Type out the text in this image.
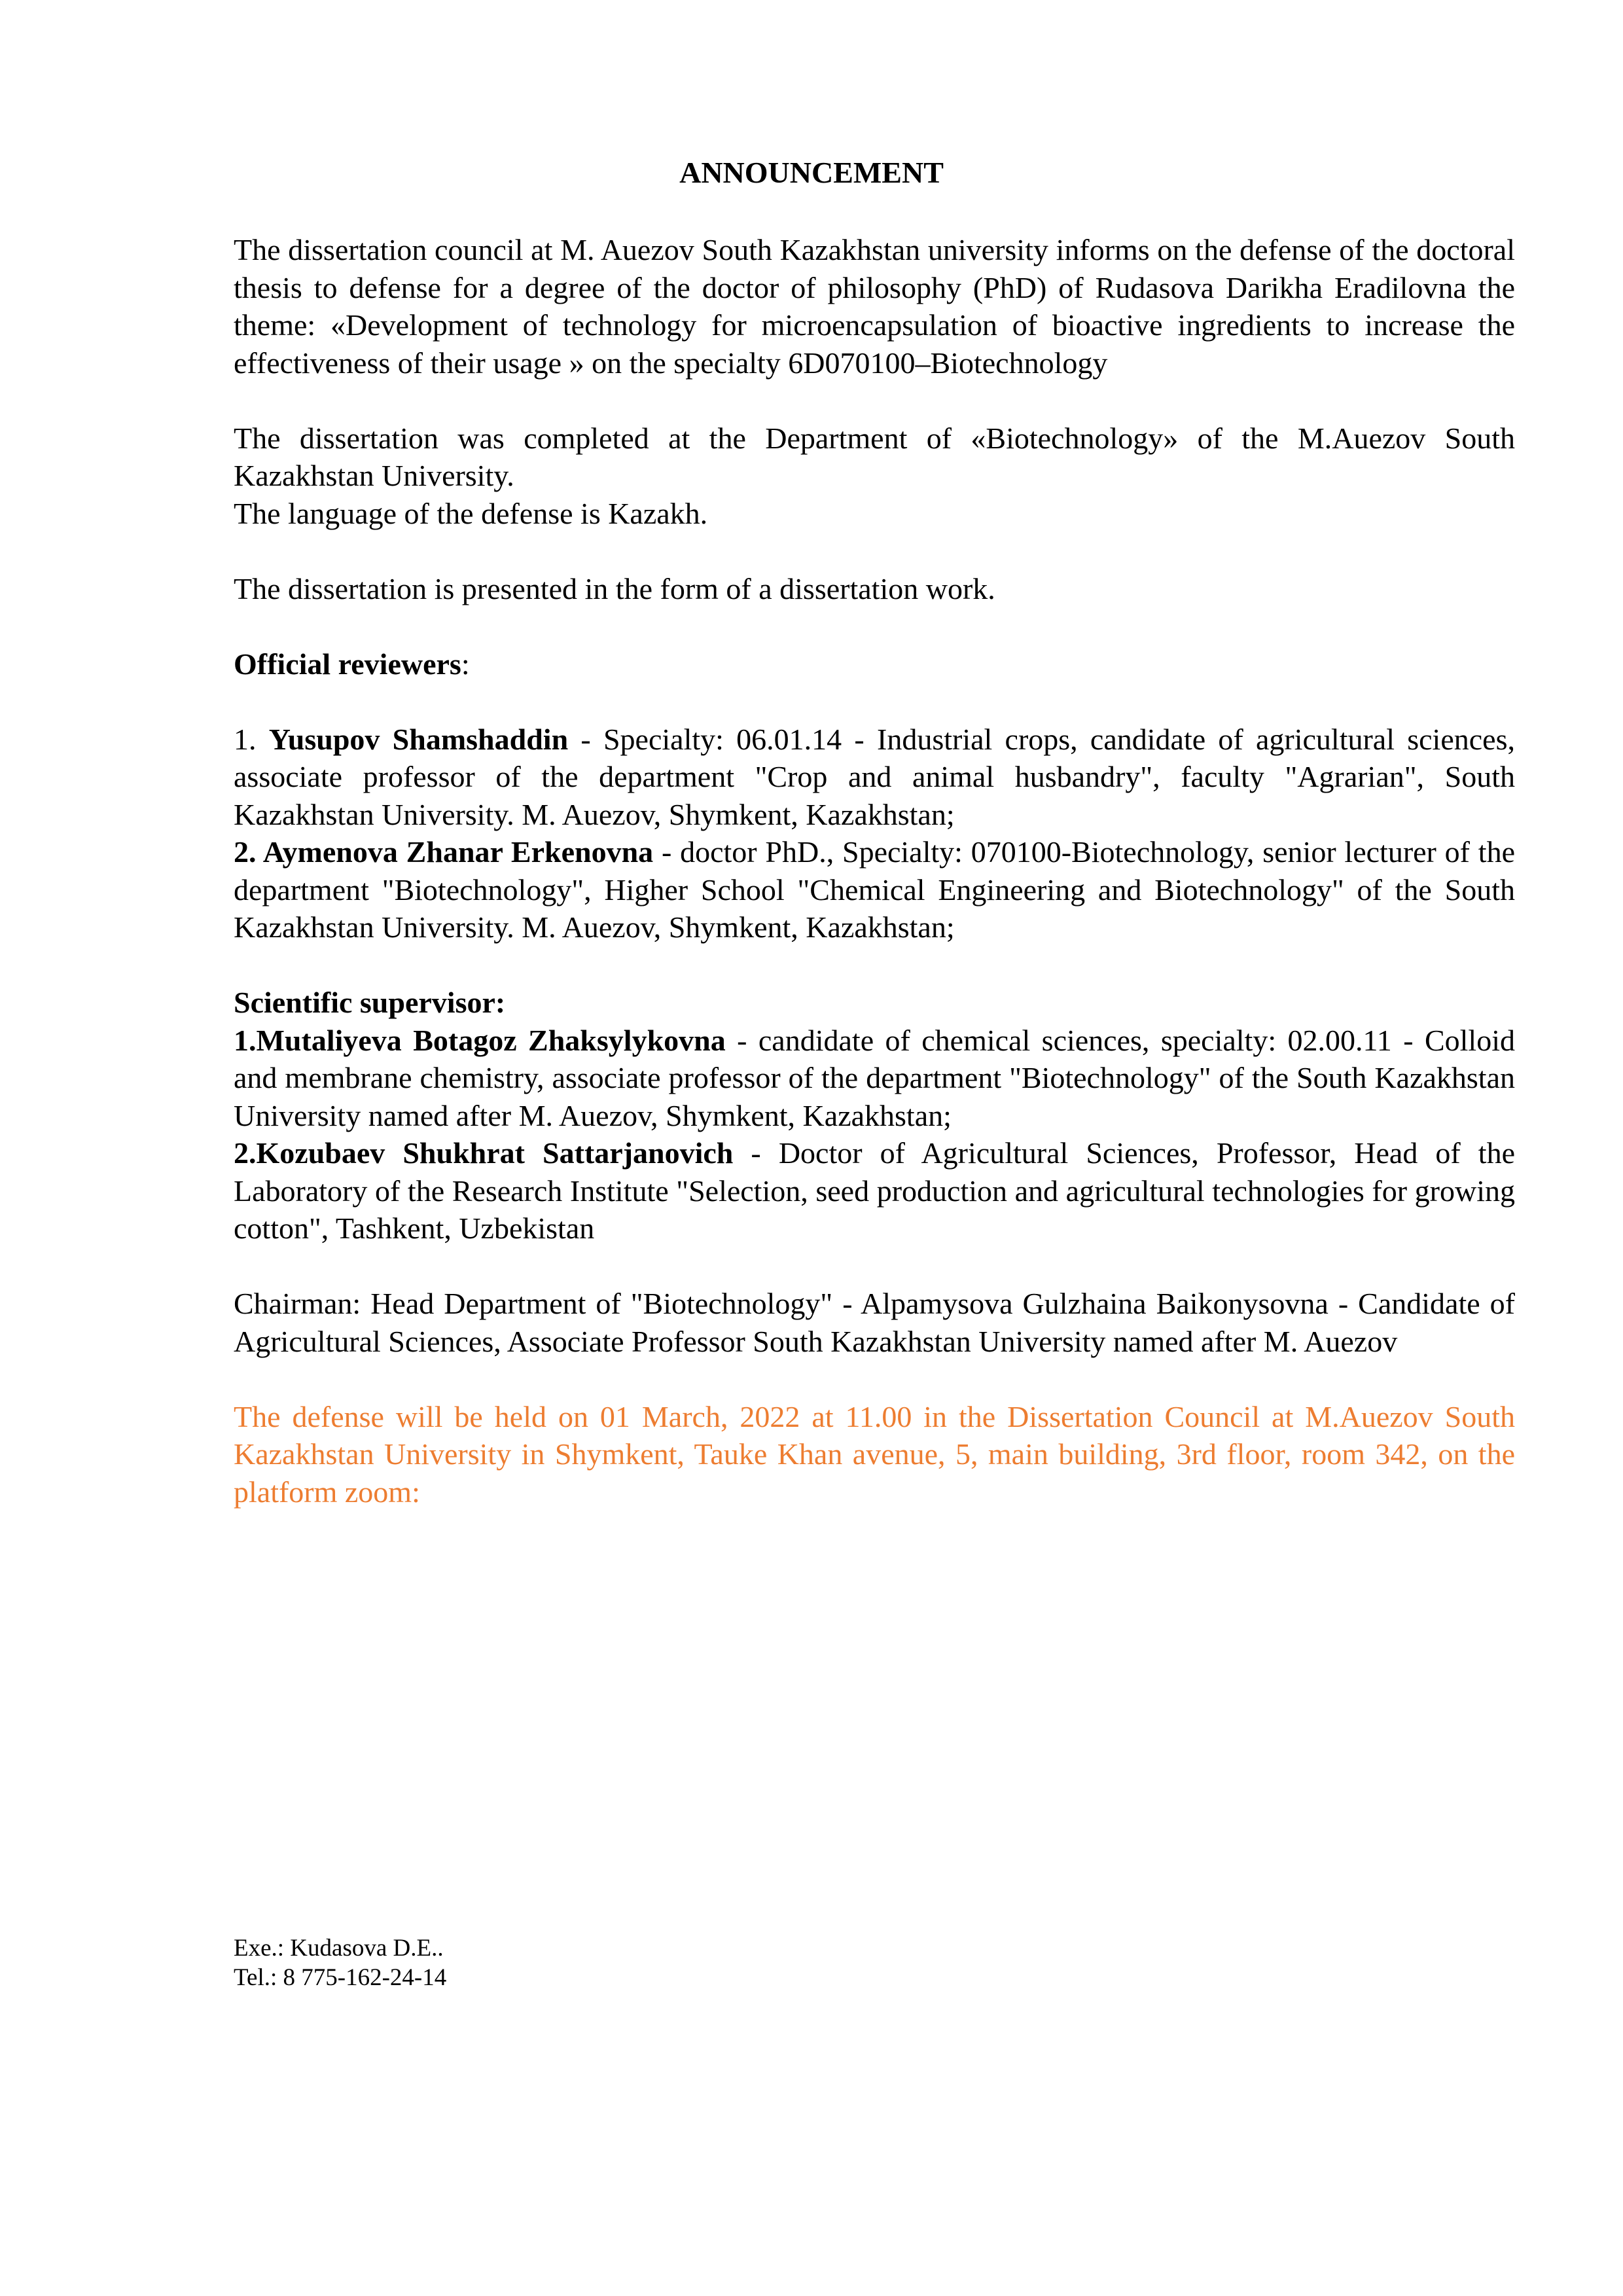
ANNOUNCEMENT

The dissertation council at M. Auezov South Kazakhstan university informs on the defense of the doctoral thesis to defense for a degree of the doctor of philosophy (PhD) of Rudasova Darikha Eradilovna the theme: «Development of technology for microencapsulation of bioactive ingredients to increase the effectiveness of their usage » on the specialty 6D070100–Biotechnology

The dissertation was completed at the Department of «Biotechnology» of the M.Auezov South Kazakhstan University.

The language of the defense is Kazakh.

The dissertation is presented in the form of a dissertation work.

Official reviewers:

1. Yusupov Shamshaddin - Specialty: 06.01.14 - Industrial crops, candidate of agricultural sciences, associate professor of the department "Crop and animal husbandry", faculty "Agrarian", South Kazakhstan University. M. Auezov, Shymkent, Kazakhstan;

2. Aymenova Zhanar Erkenovna - doctor PhD., Specialty: 070100-Biotechnology, senior lecturer of the department "Biotechnology", Higher School "Chemical Engineering and Biotechnology" of the South Kazakhstan University. M. Auezov, Shymkent, Kazakhstan;

Scientific supervisor:

1.Mutaliyeva Botagoz Zhaksylykovna - candidate of chemical sciences, specialty: 02.00.11 - Colloid and membrane chemistry, associate professor of the department "Biotechnology" of the South Kazakhstan University named after M. Auezov, Shymkent, Kazakhstan;

2.Kozubaev Shukhrat Sattarjanovich - Doctor of Agricultural Sciences, Professor, Head of the Laboratory of the Research Institute "Selection, seed production and agricultural technologies for growing cotton", Tashkent, Uzbekistan

Chairman: Head Department of "Biotechnology" - Alpamysova Gulzhaina Baikonysovna - Candidate of Agricultural Sciences, Associate Professor South Kazakhstan University named after M. Auezov

The defense will be held on 01 March, 2022 at 11.00 in the Dissertation Council at M.Auezov South Kazakhstan University in Shymkent, Tauke Khan avenue, 5, main building, 3rd floor, room 342, on the platform zoom:

Exe.: Kudasova D.E..

Tel.: 8 775-162-24-14
